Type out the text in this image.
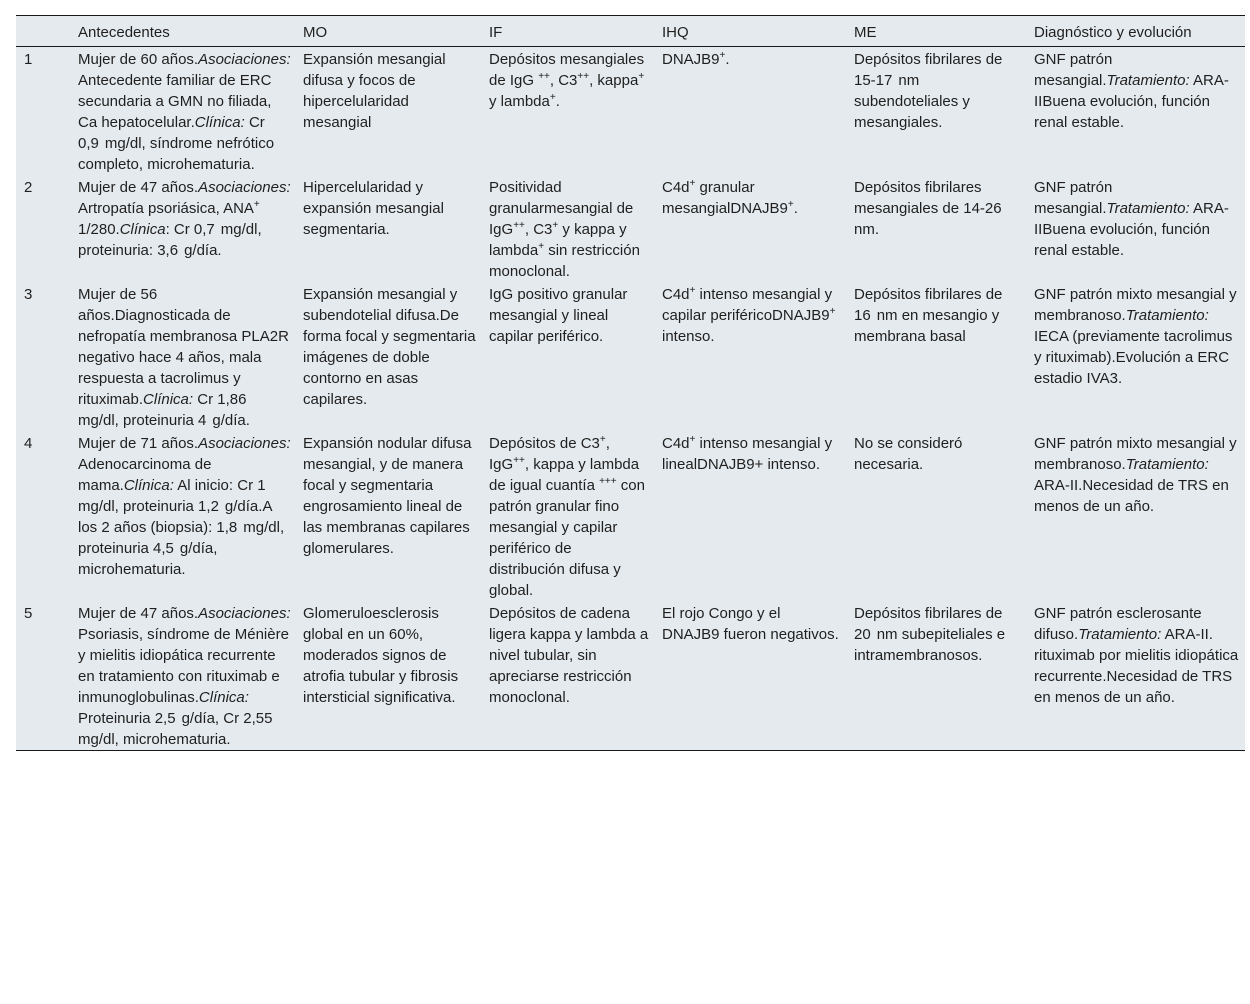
	Antecedentes	MO	IF	IHQ	ME	Diagnóstico y evolución
1	Mujer de 60 años.Asociaciones: Antecedente familiar de ERC secundaria a GMN no filiada, Ca hepatocelular.Clínica: Cr 0,9  mg/dl, síndrome nefrótico completo, microhematuria.	Expansión mesangial difusa y focos de hipercelularidad mesangial	Depósitos mesangiales de IgG ++, C3++, kappa+ y lambda+.	DNAJB9+.	Depósitos fibrilares de 15-17  nm subendoteliales y mesangiales.	GNF patrón mesangial.Tratamiento: ARA-IIBuena evolución, función renal estable.
2	Mujer de 47 años.Asociaciones: Artropatía psoriásica, ANA+ 1/280.Clínica: Cr 0,7  mg/dl, proteinuria: 3,6  g/día.	Hipercelularidad y expansión mesangial segmentaria.	Positividad granularmesangial de IgG++, C3+ y kappa y lambda+ sin restricción monoclonal.	C4d+ granular mesangialDNAJB9+.	Depósitos fibrilares mesangiales de 14-26  nm.	GNF patrón mesangial.Tratamiento: ARA-IIBuena evolución, función renal estable.
3	Mujer de 56 años.Diagnosticada de nefropatía membranosa PLA2R negativo hace 4 años, mala respuesta a tacrolimus y rituximab.Clínica: Cr 1,86  mg/dl, proteinuria 4  g/día.	Expansión mesangial y subendotelial difusa.De forma focal y segmentaria imágenes de doble contorno en asas capilares.	IgG positivo granular mesangial y lineal capilar periférico.	C4d+ intenso mesangial y capilar periféricoDNAJB9+ intenso.	Depósitos fibrilares de 16  nm en mesangio y membrana basal	GNF patrón mixto mesangial y membranoso.Tratamiento: IECA (previamente tacrolimus y rituximab).Evolución a ERC estadio IVA3.
4	Mujer de 71 años.Asociaciones: Adenocarcinoma de mama.Clínica: Al inicio: Cr 1  mg/dl, proteinuria 1,2  g/día.A los 2 años (biopsia): 1,8  mg/dl, proteinuria 4,5  g/día, microhematuria.	Expansión nodular difusa mesangial, y de manera focal y segmentaria engrosamiento lineal de las membranas capilares glomerulares.	Depósitos de C3+, IgG++, kappa y lambda de igual cuantía +++ con patrón granular fino mesangial y capilar periférico de distribución difusa y global.	C4d+ intenso mesangial y linealDNAJB9+ intenso.	No se consideró necesaria.	GNF patrón mixto mesangial y membranoso.Tratamiento: ARA-II.Necesidad de TRS en menos de un año.
5	Mujer de 47 años.Asociaciones: Psoriasis, síndrome de Ménière y mielitis idiopática recurrente en tratamiento con rituximab e inmunoglobulinas.Clínica: Proteinuria 2,5  g/día, Cr 2,55  mg/dl, microhematuria.	Glomeruloesclerosis global en un 60%, moderados signos de atrofia tubular y fibrosis intersticial significativa.	Depósitos de cadena ligera kappa y lambda a nivel tubular, sin apreciarse restricción monoclonal.	El rojo Congo y el DNAJB9 fueron negativos.	Depósitos fibrilares de 20  nm subepiteliales e intramembranosos.	GNF patrón esclerosante difuso.Tratamiento: ARA-II. rituximab por mielitis idiopática recurrente.Necesidad de TRS en menos de un año.
